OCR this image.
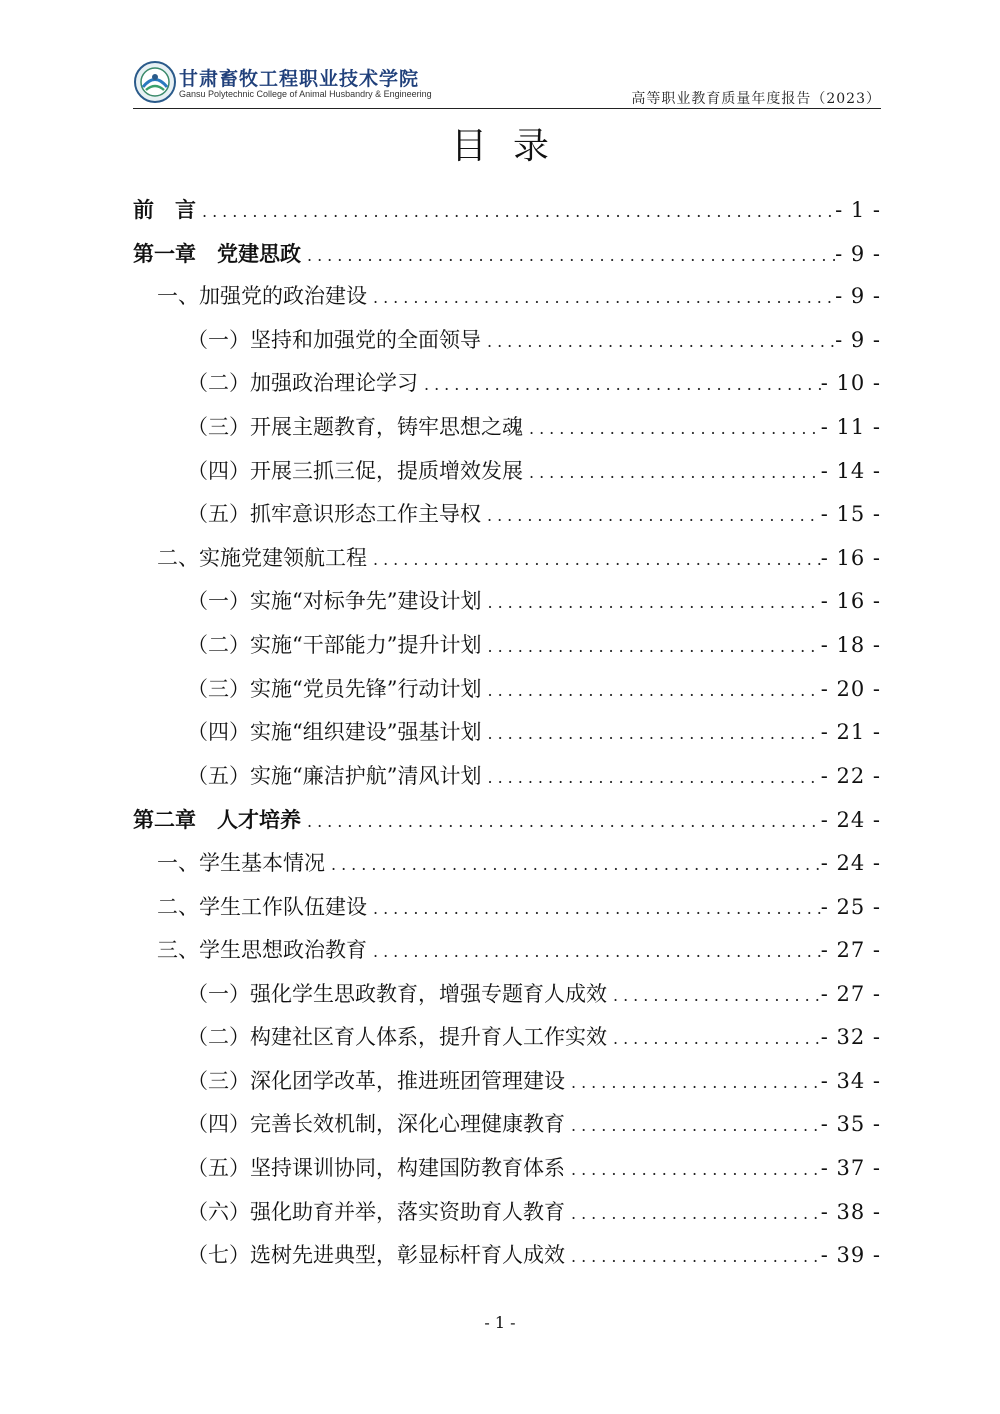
甘肃畜牧工程职业技术学院
Gansu Polytechnic College of Animal Husbandry & Engineering	高等职业教育质量年度报告（2023）
目录
前　言 .....	- 1 -
第一章　党建思政 .....	- 9 -
一、加强党的政治建设 .....	- 9 -
（一）坚持和加强党的全面领导 .....	- 9 -
（二）加强政治理论学习 .....	- 10 -
（三）开展主题教育，铸牢思想之魂 .....	- 11 -
（四）开展三抓三促，提质增效发展 .....	- 14 -
（五）抓牢意识形态工作主导权 .....	- 15 -
二、实施党建领航工程 .....	- 16 -
（一）实施“对标争先”建设计划 .....	- 16 -
（二）实施“干部能力”提升计划 .....	- 18 -
（三）实施“党员先锋”行动计划 .....	- 20 -
（四）实施“组织建设”强基计划 .....	- 21 -
（五）实施“廉洁护航”清风计划 .....	- 22 -
第二章　人才培养 .....	- 24 -
一、学生基本情况 .....	- 24 -
二、学生工作队伍建设 .....	- 25 -
三、学生思想政治教育 .....	- 27 -
（一）强化学生思政教育，增强专题育人成效 .....	- 27 -
（二）构建社区育人体系，提升育人工作实效 .....	- 32 -
（三）深化团学改革，推进班团管理建设 .....	- 34 -
（四）完善长效机制，深化心理健康教育 .....	- 35 -
（五）坚持课训协同，构建国防教育体系 .....	- 37 -
（六）强化助育并举，落实资助育人教育 .....	- 38 -
（七）选树先进典型，彰显标杆育人成效 .....	- 39 -
- 1 -
